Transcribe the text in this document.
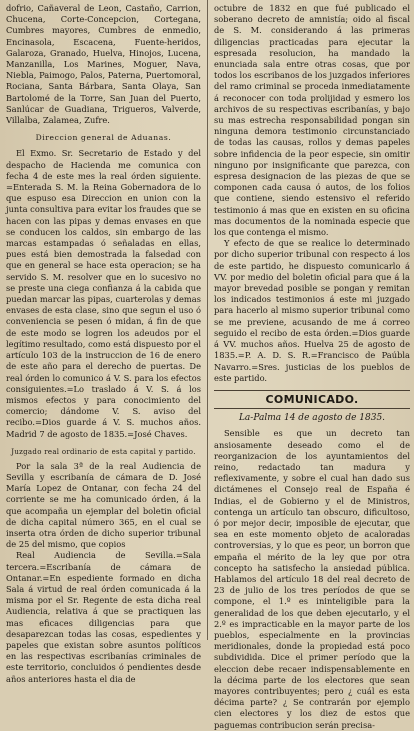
dofrio, Cañaveral de Leon, Castaño, Carrion, Chucena, Corte-Concepcion, Cortegana, Cumbres mayores, Cumbres de enmedio, Encinasola, Escacena, Fuente-heridos, Galaroza, Granado, Huelva, Hinojos, Lucena, Manzanilla, Los Marines, Moguer, Nava, Niebla, Paimogo, Palos, Paterna, Puertomoral, Rociana, Santa Bárbara, Santa Olaya, San Bartolomé de la Torre, San Juan del Puerto, Sanlúcar de Guadiana, Trigueros, Valverde, Villalba, Zalamea, Zufre.

Direccion general de Aduanas.

El Exmo. Sr. Secretario de Estado y del despacho de Hacienda me comunica con fecha 4 de este mes la real órden siguiente. =Enterada S. M. la Reina Gobernadora de lo que espuso esa Direccion en union con la junta consultiva para evitar los fraudes que se hacen con las pipas y demas envases en que se conducen los caldos, sin embargo de las marcas estampadas ó señaladas en ellas, pues está bien demostrada la falsedad con que en general se hace esta operacion; se ha servido S. M. resolver que en lo sucesivo no se preste una ciega confianza á la cabida que puedan marcar las pipas, cuarterolas y demas envases de esta clase, sino que segun el uso ó conveniencia se pesen ó midan, á fin de que de este modo se logren los adeudos por el legítimo resultado, como está dispuesto por el artículo 103 de la instruccion de 16 de enero de este año para el derecho de puertas. De real órden lo comunico á V. S. para los efectos consiguientes.=Lo traslado á V. S. á los mismos efectos y para conocimiento del comercio; dándome V. S. aviso del recibo.=Dios guarde á V. S. muchos años. Madrid 7 de agosto de 1835.=José Chaves.

Juzgado real ordinario de esta capital y partido.

Por la sala 3ª de la real Audiencia de Sevilla y escribanía de cámara de D. José María Lopez de Ontanar, con fecha 24 del corriente se me ha comunicado órden, á la que acompaña un ejemplar del boletin oficial de dicha capital número 365, en el cual se inserta otra órden de dicho superior tribunal de 25 del mismo, que copios

Real Audiencia de Sevilla.=Sala tercera.=Escribanía de cámara de Ontanar.=En espediente formado en dicha Sala á virtud de real órden comunicada á la misma por el Sr. Regente de esta dicha real Audiencia, relativa á que se practiquen las mas eficaces diligencias para que desaparezcan todas las cosas, espedientes y papeles que existan sobre asuntos políticos en las respectivas escribanías criminales de este territorio, concluidos ó pendientes desde años anteriores hasta el dia de

octubre de 1832 en que fué publicado el soberano decreto de amnistía; oido al fiscal de S. M. considerando á las primeras diligencias practicadas para ejecutar la espresada resolucion, ha mandado la enunciada sala entre otras cosas, que por todos los escribanos de los juzgados inferiores del ramo criminal se proceda inmediatamente á reconocer con toda prolijidad y esmero los archivos de su respectivas escribanías, y bajo su mas estrecha responsabilidad pongan sin ninguna demora testimonio circunstanciado de todas las causas, rollos y demas papeles sobre infidencia de la peor especie, sin omitir ninguno por insignificante que parezca, con espresa designacion de las piezas de que se componen cada causa ó autos, de los folios que contiene, siendo estensivo el referido testimonio á mas que en existen en su oficina mas documentos de la nominada especie que los que contenga el mismo.

Y efecto de que se realice lo determinado por dicho superior tribunal con respecto á los de este partido, he dispuesto comunicarlo á VV. por medio del boletin oficial para que á la mayor brevedad posible se pongan y remitan los indicados testimonios á este mi juzgado para hacerlo al mismo superior tribunal como se me previene, acusando de me á correo seguido el recibo de esta órden.=Dios guarde á VV. muchos años. Huelva 25 de agosto de 1835.=P. A. D. S. R.=Francisco de Paúbla Navarro.=Sres. justicias de los pueblos de este partido.

COMUNICADO.

La-Palma 14 de agosto de 1835.

Sensible es que un decreto tan ansiosamente deseado como el de reorganizacion de los ayuntamientos del reino, redactado tan madura y reflexivamente, y sobre el cual han dado sus dictámenes el Consejo real de España é Indias, el de Gobierno y el de Ministros, contenga un artículo tan obscuro, dificultoso, ó por mejor decir, imposible de ejecutar, que sea en este momento objeto de acaloradas controversias, y lo que es peor, un borron que empaña el mérito de la ley que por otra concepto ha satisfecho la ansiedad pública. Hablamos del artículo 18 del real decreto de 23 de julio de los tres períodos de que se compone, el 1.º es ininteligible para la generalidad de los que deben ejecutarlo, y el 2.º es impracticable en la mayor parte de los pueblos, especialmente en la provincias meridionales, donde la propiedad está poco subdividida. Dice el primer período que la eleccion debe recaer indispensablemente en la décima parte de los electores que sean mayores contribuyentes; pero ¿ cuál es esta décima parte? ¿ Se contrarán por ejemplo cien electores y los diez de estos que paguemas contribucion serán precisa-
